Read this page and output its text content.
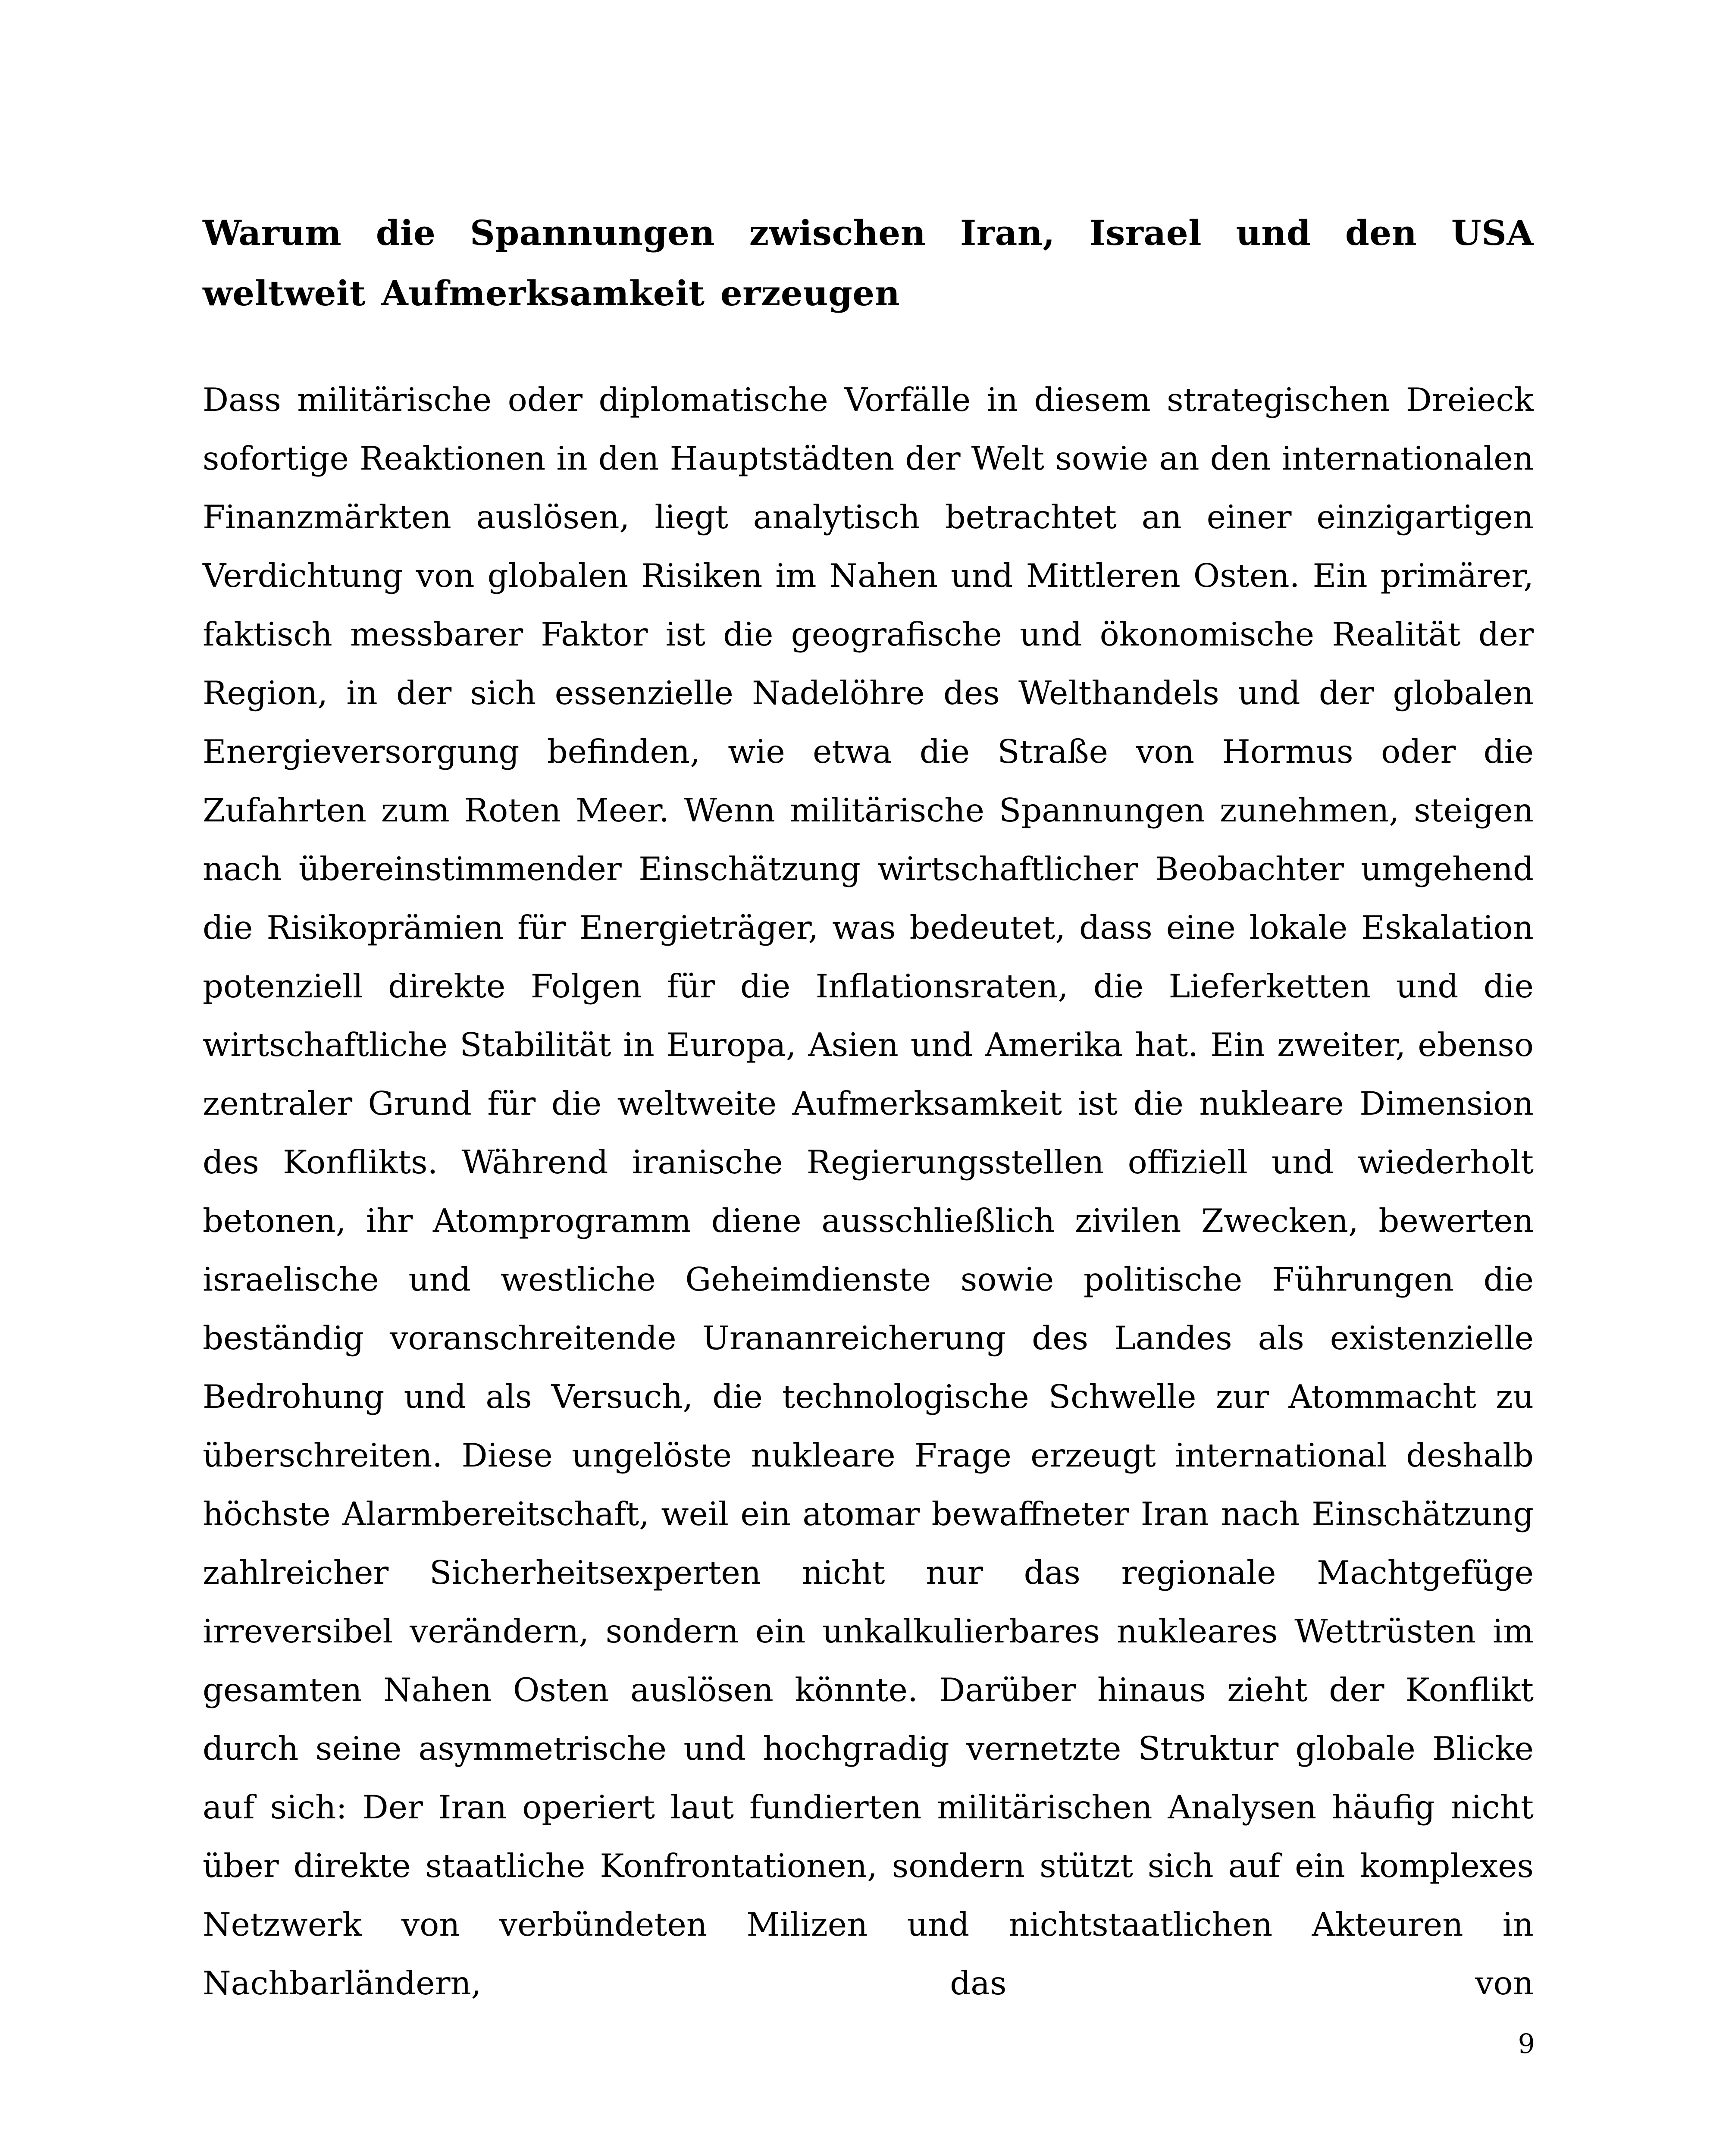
Warum die Spannungen zwischen Iran, Israel und den USA weltweit Aufmerksamkeit erzeugen

Dass militärische oder diplomatische Vorfälle in diesem strategischen Dreieck sofortige Reaktionen in den Hauptstädten der Welt sowie an den internationalen Finanzmärkten auslösen, liegt analytisch betrachtet an einer einzigartigen Verdichtung von globalen Risiken im Nahen und Mittleren Osten. Ein primärer, faktisch messbarer Faktor ist die geografische und ökonomische Realität der Region, in der sich essenzielle Nadelöhre des Welthandels und der globalen Energieversorgung befinden, wie etwa die Straße von Hormus oder die Zufahrten zum Roten Meer. Wenn militärische Spannungen zunehmen, steigen nach übereinstimmender Einschätzung wirtschaftlicher Beobachter umgehend die Risikoprämien für Energieträger, was bedeutet, dass eine lokale Eskalation potenziell direkte Folgen für die Inflationsraten, die Lieferketten und die wirtschaftliche Stabilität in Europa, Asien und Amerika hat. Ein zweiter, ebenso zentraler Grund für die weltweite Aufmerksamkeit ist die nukleare Dimension des Konflikts. Während iranische Regierungsstellen offiziell und wiederholt betonen, ihr Atomprogramm diene ausschließlich zivilen Zwecken, bewerten israelische und westliche Geheimdienste sowie politische Führungen die beständig voranschreitende Urananreicherung des Landes als existenzielle Bedrohung und als Versuch, die technologische Schwelle zur Atommacht zu überschreiten. Diese ungelöste nukleare Frage erzeugt international deshalb höchste Alarmbereitschaft, weil ein atomar bewaffneter Iran nach Einschätzung zahlreicher Sicherheitsexperten nicht nur das regionale Machtgefüge irreversibel verändern, sondern ein unkalkulierbares nukleares Wettrüsten im gesamten Nahen Osten auslösen könnte. Darüber hinaus zieht der Konflikt durch seine asymmetrische und hochgradig vernetzte Struktur globale Blicke auf sich: Der Iran operiert laut fundierten militärischen Analysen häufig nicht über direkte staatliche Konfrontationen, sondern stützt sich auf ein komplexes Netzwerk von verbündeten Milizen und nichtstaatlichen Akteuren in Nachbarländern, das von

9
